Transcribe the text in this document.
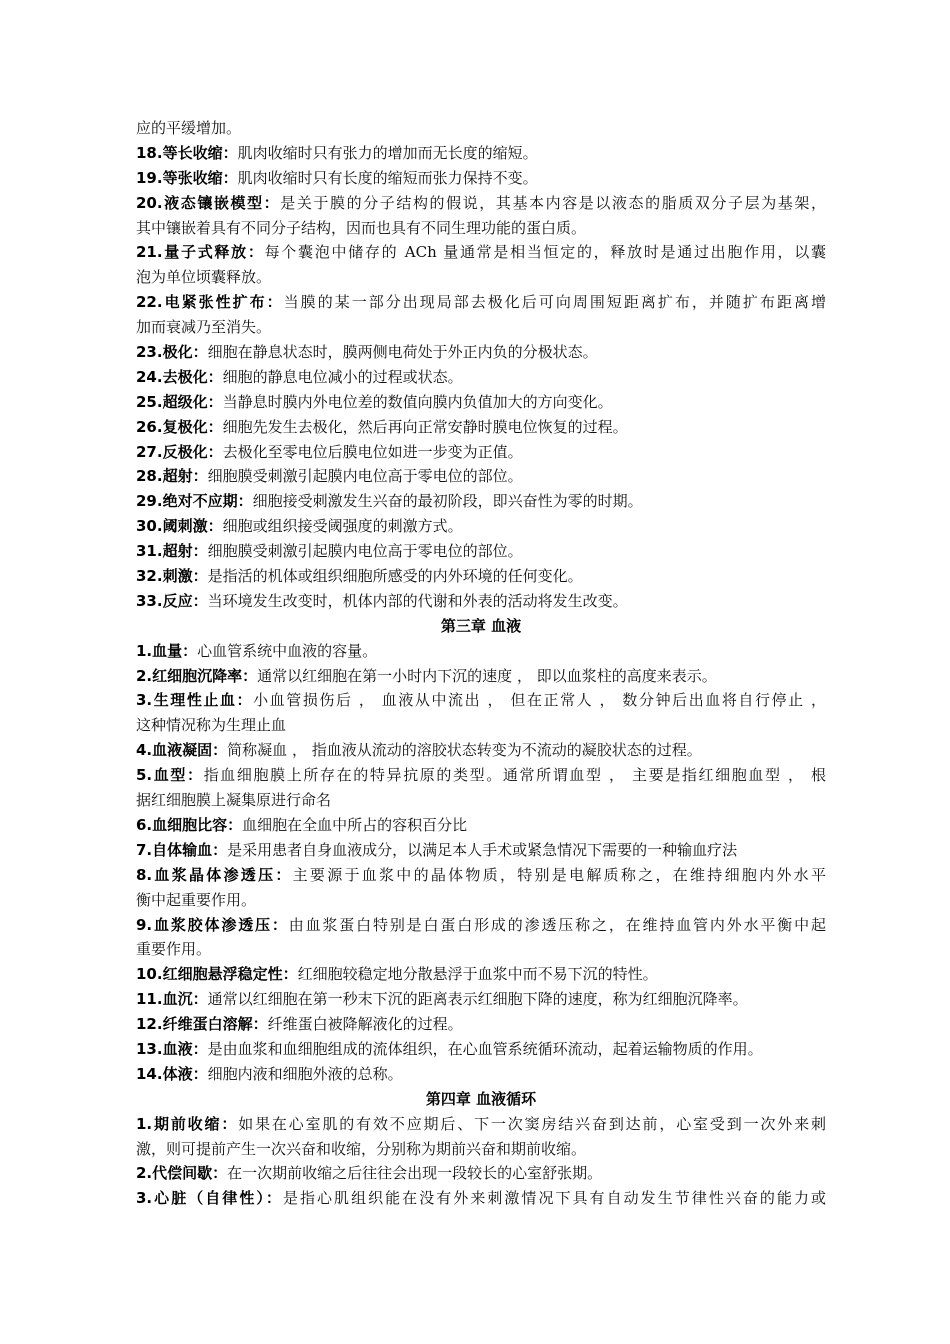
应的平缓增加。
18.等长收缩：肌肉收缩时只有张力的增加而无长度的缩短。
19.等张收缩：肌肉收缩时只有长度的缩短而张力保持不变。
20.液态镶嵌模型：是关于膜的分子结构的假说，其基本内容是以液态的脂质双分子层为基架，
其中镶嵌着具有不同分子结构，因而也具有不同生理功能的蛋白质。
21.量子式释放：每个囊泡中储存的 ACh 量通常是相当恒定的，释放时是通过出胞作用，以囊
泡为单位顷囊释放。
22.电紧张性扩布：当膜的某一部分出现局部去极化后可向周围短距离扩布，并随扩布距离增
加而衰减乃至消失。
23.极化：细胞在静息状态时，膜两侧电荷处于外正内负的分极状态。
24.去极化：细胞的静息电位减小的过程或状态。
25.超级化：当静息时膜内外电位差的数值向膜内负值加大的方向变化。
26.复极化：细胞先发生去极化，然后再向正常安静时膜电位恢复的过程。
27.反极化：去极化至零电位后膜电位如进一步变为正值。
28.超射：细胞膜受刺激引起膜内电位高于零电位的部位。
29.绝对不应期：细胞接受刺激发生兴奋的最初阶段，即兴奋性为零的时期。
30.阈刺激：细胞或组织接受阈强度的刺激方式。
31.超射：细胞膜受刺激引起膜内电位高于零电位的部位。
32.刺激：是指活的机体或组织细胞所感受的内外环境的任何变化。
33.反应：当环境发生改变时，机体内部的代谢和外表的活动将发生改变。
第三章 血液
1.血量：心血管系统中血液的容量。
2.红细胞沉降率：通常以红细胞在第一小时内下沉的速度 ， 即以血浆柱的高度来表示。
3.生理性止血：小血管损伤后 ， 血液从中流出 ， 但在正常人 ， 数分钟后出血将自行停止 ，
这种情况称为生理止血
4.血液凝固：简称凝血 ， 指血液从流动的溶胶状态转变为不流动的凝胶状态的过程。
5.血型：指血细胞膜上所存在的特异抗原的类型。通常所谓血型 ， 主要是指红细胞血型 ， 根
据红细胞膜上凝集原进行命名
6.血细胞比容：血细胞在全血中所占的容积百分比
7.自体输血：是采用患者自身血液成分，以满足本人手术或紧急情况下需要的一种输血疗法
8.血浆晶体渗透压：主要源于血浆中的晶体物质，特别是电解质称之，在维持细胞内外水平
衡中起重要作用。
9.血浆胶体渗透压：由血浆蛋白特别是白蛋白形成的渗透压称之，在维持血管内外水平衡中起
重要作用。
10.红细胞悬浮稳定性：红细胞较稳定地分散悬浮于血浆中而不易下沉的特性。
11.血沉：通常以红细胞在第一秒末下沉的距离表示红细胞下降的速度，称为红细胞沉降率。
12.纤维蛋白溶解：纤维蛋白被降解液化的过程。
13.血液：是由血浆和血细胞组成的流体组织，在心血管系统循环流动，起着运输物质的作用。
14.体液：细胞内液和细胞外液的总称。
第四章 血液循环
1.期前收缩：如果在心室肌的有效不应期后、下一次窦房结兴奋到达前，心室受到一次外来刺
激，则可提前产生一次兴奋和收缩，分别称为期前兴奋和期前收缩。
2.代偿间歇：在一次期前收缩之后往往会出现一段较长的心室舒张期。
3.心脏（自律性）：是指心肌组织能在没有外来刺激情况下具有自动发生节律性兴奋的能力或
